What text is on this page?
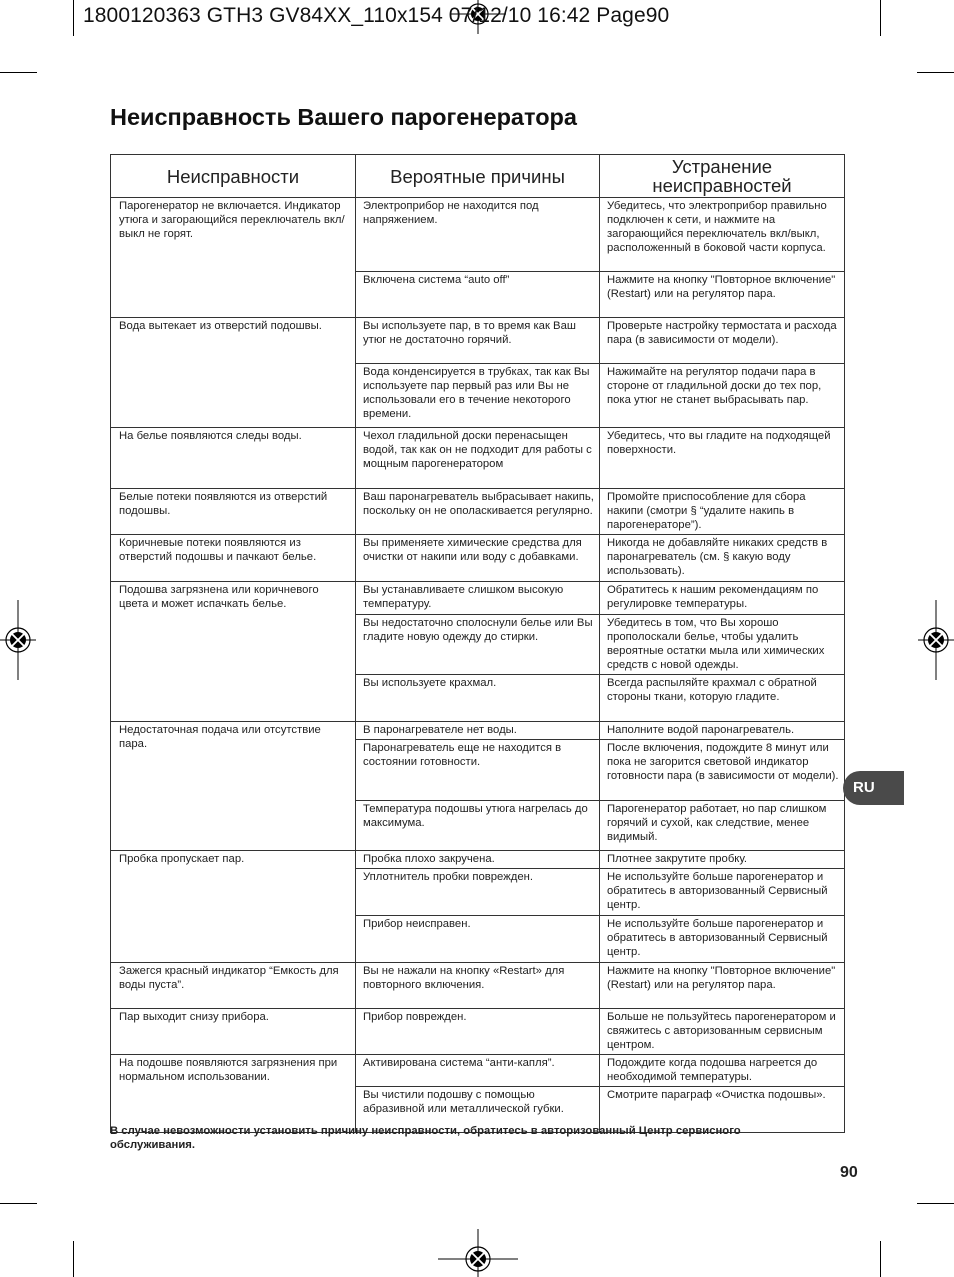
1800120363 GTH3 GV84XX_110x154 07/12/10 16:42 Page90
Неисправность Вашего парогенератора
Неисправности	Вероятные причины	Устранение неисправностей
Парогенератор не включается. Индикатор утюга и загорающийся переключатель вкл/выкл не горят.	Электроприбор не находится под напряжением.	Убедитесь, что электроприбор правильно подключен к сети, и нажмите на загорающийся переключатель вкл/выкл, расположенный в боковой части корпуса.
	Включена система “auto off”	Нажмите на кнопку "Повторное включение" (Restart) или на регулятор пара.
Вода вытекает из отверстий подошвы.	Вы используете пар, в то время как Ваш утюг не достаточно горячий.	Проверьте настройку термостата и расхода пара (в зависимости от модели).
	Вода конденсируется в трубках, так как Вы используете пар первый раз или Вы не использовали его в течение некоторого времени.	Нажимайте на регулятор подачи пара в стороне от гладильной доски до тех пор, пока утюг не станет выбрасывать пар.
На белье появляются следы воды.	Чехол гладильной доски перенасыщен водой, так как он не подходит для работы с мощным парогенератором	Убедитесь, что вы гладите на подходящей поверхности.
Белые потеки появляются из отверстий подошвы.	Ваш паронагреватель выбрасывает накипь, поскольку он не ополаскивается регулярно.	Промойте приспособление для сбора накипи (смотри § “удалите накипь в парогенераторе”).
Коричневые потеки появляются из отверстий подошвы и пачкают белье.	Вы применяете химические средства для очистки от накипи или воду с добавками.	Никогда не добавляйте никаких средств в паронагреватель (см. § какую воду использовать).
Подошва загрязнена или коричневого цвета и может испачкать белье.	Вы устанавливаете слишком высокую температуру.	Обратитесь к нашим рекомендациям по регулировке температуры.
	Вы недостаточно сполоснули белье или Вы гладите новую одежду до стирки.	Убедитесь в том, что Вы хорошо прополоскали белье, чтобы удалить вероятные остатки мыла или химических средств с новой одежды.
	Вы используете крахмал.	Всегда распыляйте крахмал с обратной стороны ткани, которую гладите.
Недостаточная подача или отсутствие пара.	В паронагревателе нет воды.	Наполните водой паронагреватель.
	Паронагреватель еще не находится в состоянии готовности.	После включения, подождите 8 минут или пока не загорится световой индикатор готовности пара (в зависимости от модели).
	Температура подошвы утюга нагрелась до максимума.	Парогенератор работает, но пар слишком горячий и сухой, как следствие, менее видимый.
Пробка пропускает пар.	Пробка плохо закручена.	Плотнее закрутите пробку.
	Уплотнитель пробки поврежден.	Не используйте больше парогенератор и обратитесь в авторизованный Сервисный центр.
	Прибор неисправен.	Не используйте больше парогенератор и обратитесь в авторизованный Сервисный центр.
Зажегся красный индикатор “Емкость для воды пуста”.	Вы не нажали на кнопку «Restart» для повторного включения.	Нажмите на кнопку "Повторное включение" (Restart) или на регулятор пара.
Пар выходит снизу прибора.	Прибор поврежден.	Больше не пользуйтесь парогенератором и свяжитесь с авторизованным сервисным центром.
На подошве появляются загрязнения при нормальном использовании.	Активирована система “анти-капля”.	Подождите когда подошва нагреется до необходимой температуры.
	Вы чистили подошву с помощью абразивной или металлической губки.	Смотрите параграф «Очистка подошвы».
В случае невозможности установить причину неисправности, обратитесь в авторизованный Центр сервисного обслуживания.
RU
90
